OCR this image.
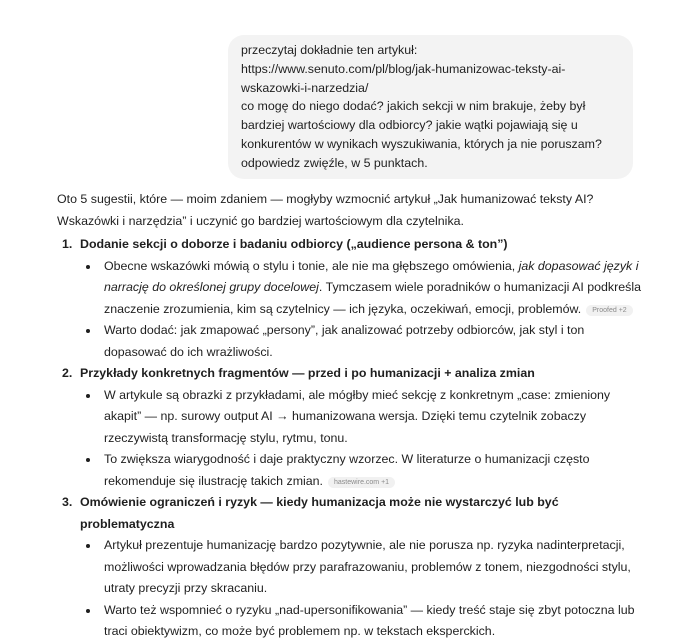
przeczytaj dokładnie ten artykuł: https://www.senuto.com/pl/blog/jak-humanizowac-teksty-ai-wskazowki-i-narzedzia/

co mogę do niego dodać? jakich sekcji w nim brakuje, żeby był bardziej wartościowy dla odbiorcy? jakie wątki pojawiają się u konkurentów w wynikach wyszukiwania, których ja nie poruszam? odpowiedz zwięźle, w 5 punktach.

Oto 5 sugestii, które — moim zdaniem — mogłyby wzmocnić artykuł „Jak humanizować teksty AI? Wskazówki i narzędzia” i uczynić go bardziej wartościowym dla czytelnika.

1. Dodanie sekcji o doborze i badaniu odbiorcy („audience persona & ton”)
Obecne wskazówki mówią o stylu i tonie, ale nie ma głębszego omówienia, jak dopasować język i narrację do określonej grupy docelowej. Tymczasem wiele poradników o humanizacji AI podkreśla znaczenie zrozumienia, kim są czytelnicy — ich języka, oczekiwań, emocji, problemów. Proofed +2
Warto dodać: jak zmapować „persony”, jak analizować potrzeby odbiorców, jak styl i ton dopasować do ich wrażliwości.
2. Przykłady konkretnych fragmentów — przed i po humanizacji + analiza zmian
W artykule są obrazki z przykładami, ale mógłby mieć sekcję z konkretnym „case: zmieniony akapit” — np. surowy output AI → humanizowana wersja. Dzięki temu czytelnik zobaczy rzeczywistą transformację stylu, rytmu, tonu.
To zwiększa wiarygodność i daje praktyczny wzorzec. W literaturze o humanizacji często rekomenduje się ilustrację takich zmian. hastewire.com +1
3. Omówienie ograniczeń i ryzyk — kiedy humanizacja może nie wystarczyć lub być problematyczna
Artykuł prezentuje humanizację bardzo pozytywnie, ale nie porusza np. ryzyka nadinterpretacji, możliwości wprowadzania błędów przy parafrazowaniu, problemów z tonem, niezgodności stylu, utraty precyzji przy skracaniu.
Warto też wspomnieć o ryzyku „nad-upersonifikowania” — kiedy treść staje się zbyt potoczna lub traci obiektywizm, co może być problemem np. w tekstach eksperckich.
